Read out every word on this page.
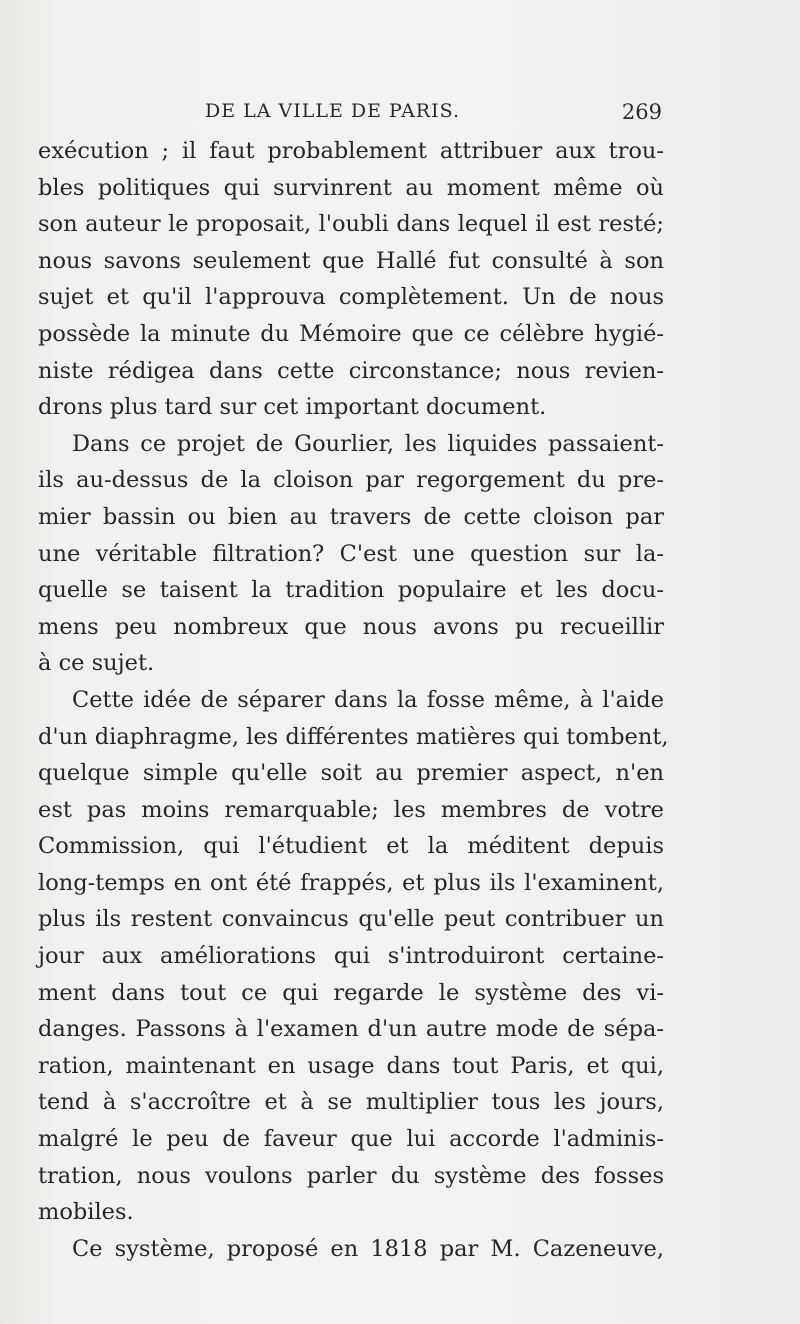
DE LA VILLE DE PARIS.	269
exécution ; il faut probablement attribuer aux trou-
bles politiques qui survinrent au moment même où
son auteur le proposait, l'oubli dans lequel il est resté;
nous savons seulement que Hallé fut consulté à son
sujet et qu'il l'approuva complètement. Un de nous
possède la minute du Mémoire que ce célèbre hygié-
niste rédigea dans cette circonstance; nous revien-
drons plus tard sur cet important document.
Dans ce projet de Gourlier, les liquides passaient-
ils au-dessus de la cloison par regorgement du pre-
mier bassin ou bien au travers de cette cloison par
une véritable filtration? C'est une question sur la-
quelle se taisent la tradition populaire et les docu-
mens peu nombreux que nous avons pu recueillir
à ce sujet.
Cette idée de séparer dans la fosse même, à l'aide
d'un diaphragme, les différentes matières qui tombent,
quelque simple qu'elle soit au premier aspect, n'en
est pas moins remarquable; les membres de votre
Commission, qui l'étudient et la méditent depuis
long-temps en ont été frappés, et plus ils l'examinent,
plus ils restent convaincus qu'elle peut contribuer un
jour aux améliorations qui s'introduiront certaine-
ment dans tout ce qui regarde le système des vi-
danges. Passons à l'examen d'un autre mode de sépa-
ration, maintenant en usage dans tout Paris, et qui,
tend à s'accroître et à se multiplier tous les jours,
malgré le peu de faveur que lui accorde l'adminis-
tration, nous voulons parler du système des fosses
mobiles.
Ce système, proposé en 1818 par M. Cazeneuve,
